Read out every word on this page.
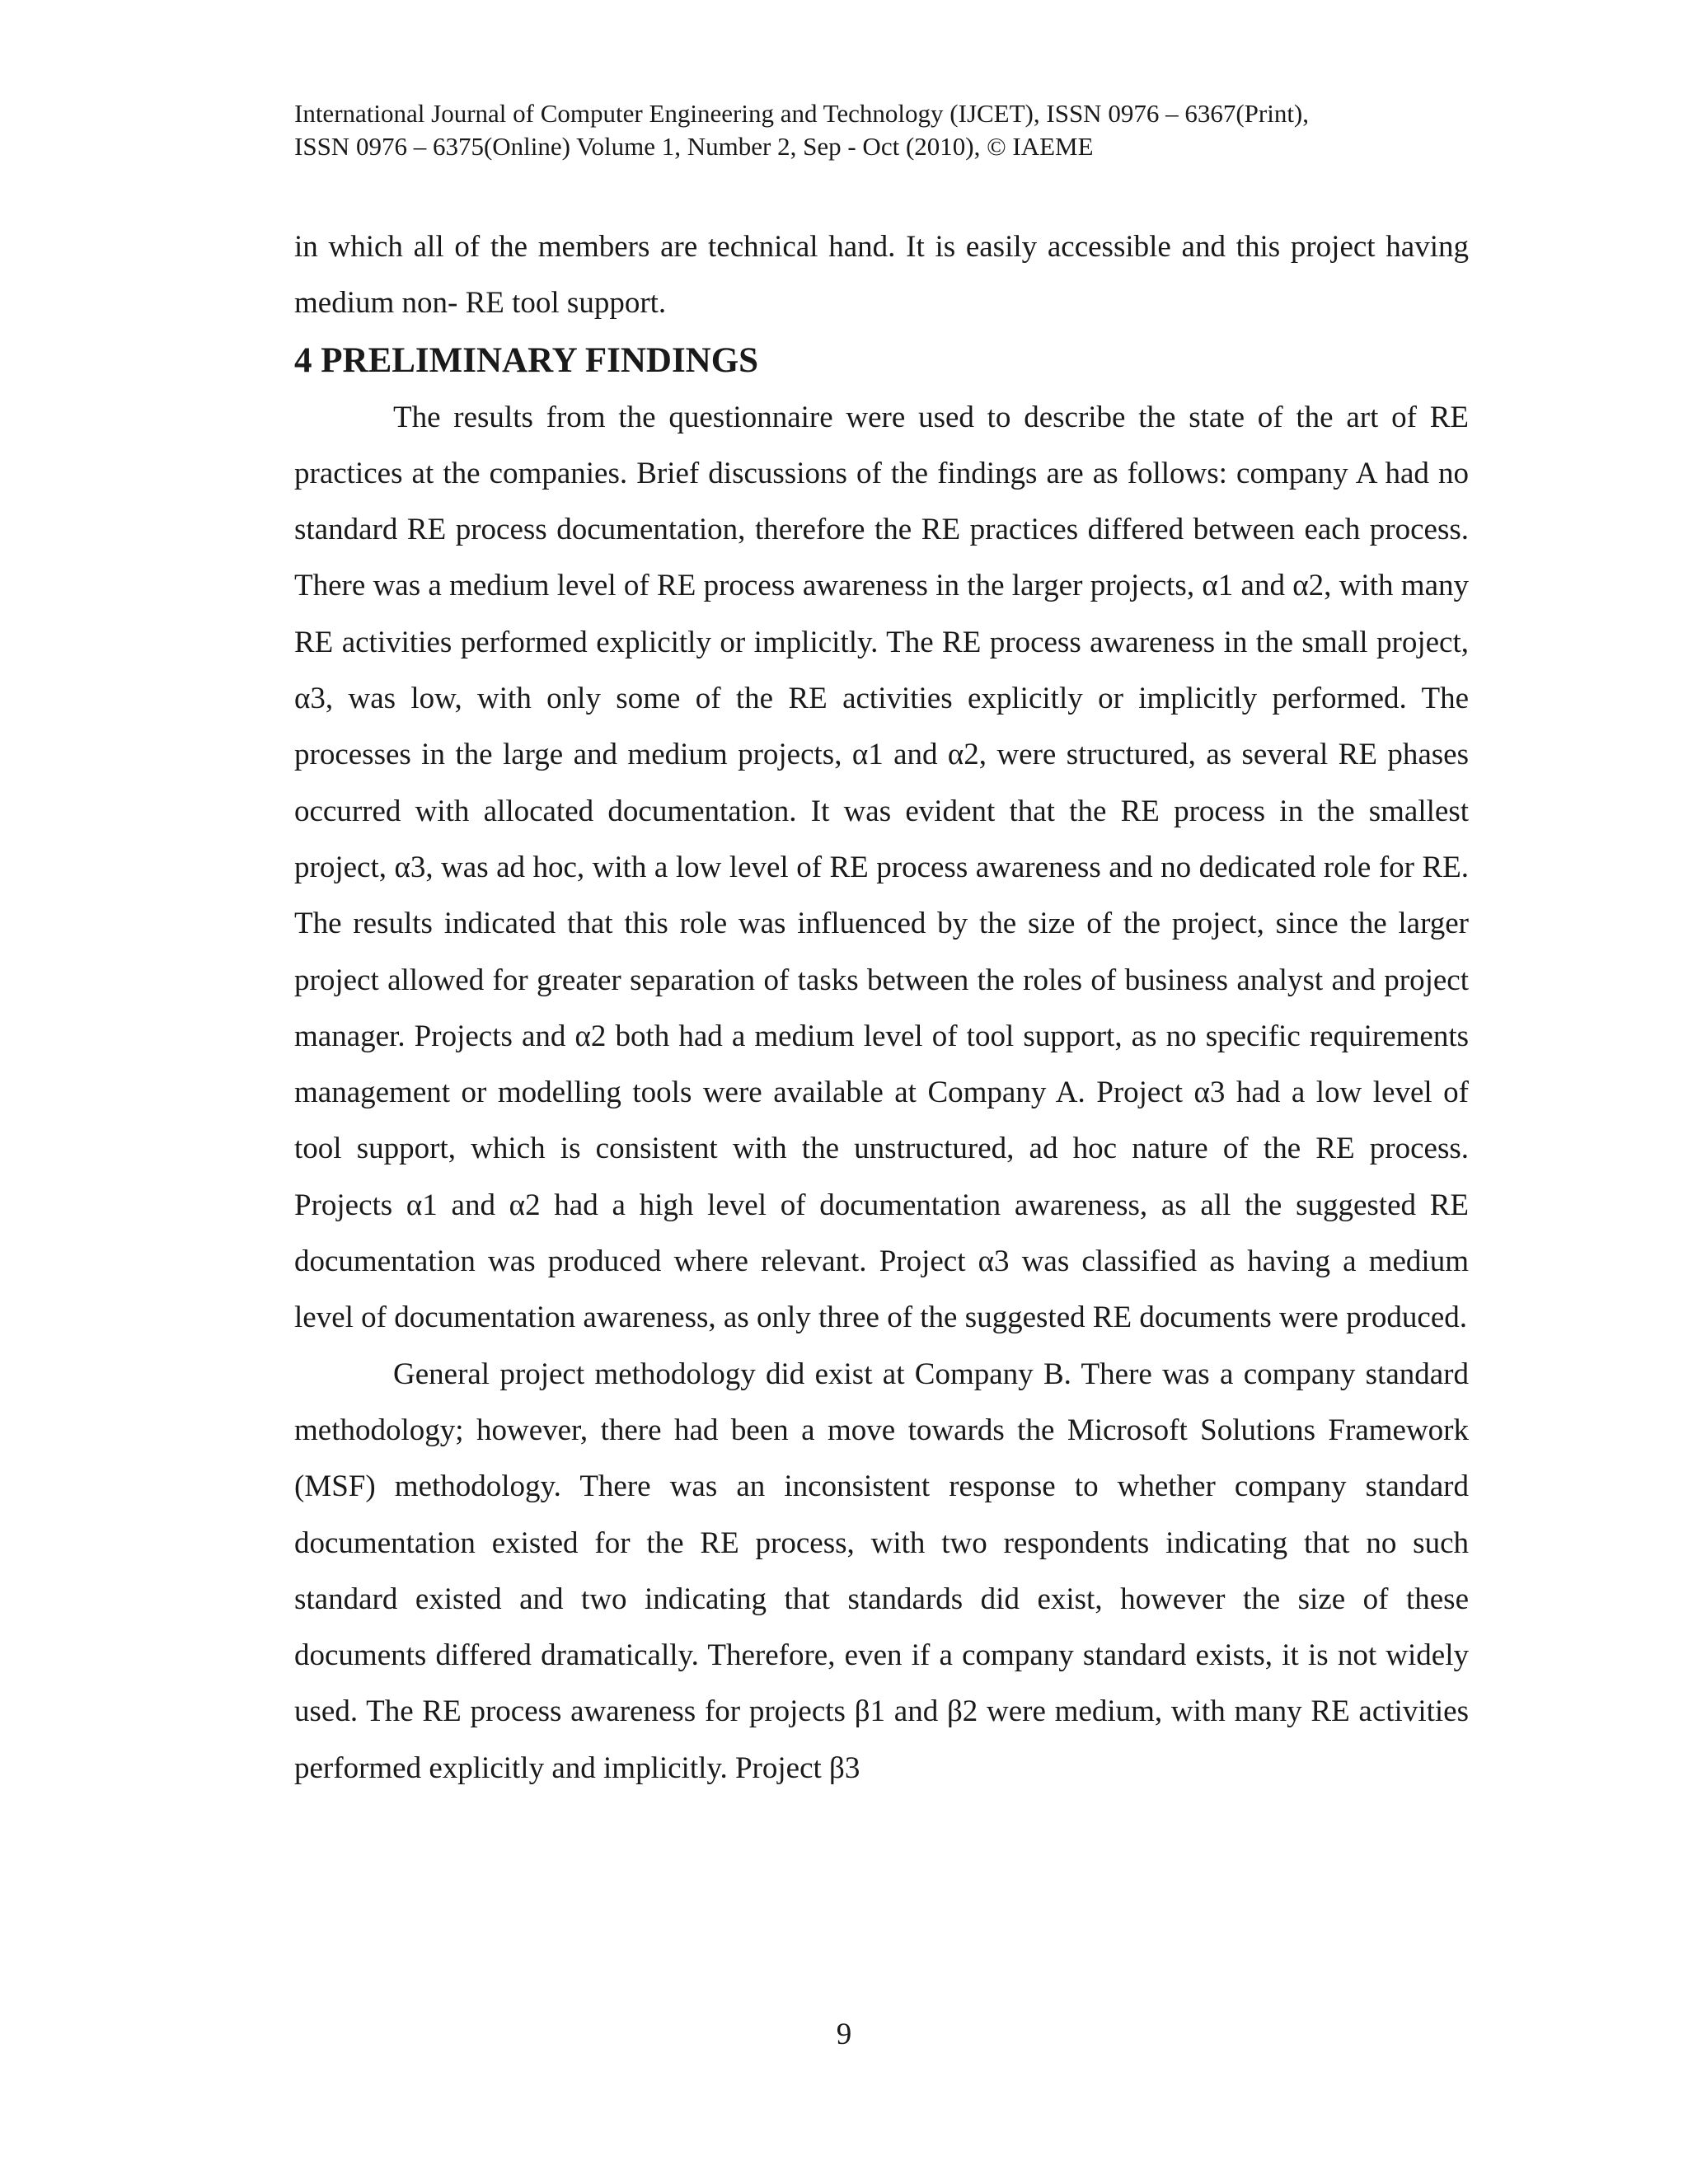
International Journal of Computer Engineering and Technology (IJCET), ISSN 0976 – 6367(Print),
ISSN 0976 – 6375(Online) Volume 1, Number 2, Sep - Oct (2010), © IAEME

in which all of the members are technical hand. It is easily accessible and this project having medium non- RE tool support.

4 PRELIMINARY FINDINGS

The results from the questionnaire were used to describe the state of the art of RE practices at the companies. Brief discussions of the findings are as follows: company A had no standard RE process documentation, therefore the RE practices differed between each process. There was a medium level of RE process awareness in the larger projects, α1 and α2, with many RE activities performed explicitly or implicitly. The RE process awareness in the small project, α3, was low, with only some of the RE activities explicitly or implicitly performed. The processes in the large and medium projects, α1 and α2, were structured, as several RE phases occurred with allocated documentation. It was evident that the RE process in the smallest project, α3, was ad hoc, with a low level of RE process awareness and no dedicated role for RE. The results indicated that this role was influenced by the size of the project, since the larger project allowed for greater separation of tasks between the roles of business analyst and project manager. Projects and α2 both had a medium level of tool support, as no specific requirements management or modelling tools were available at Company A. Project α3 had a low level of tool support, which is consistent with the unstructured, ad hoc nature of the RE process. Projects α1 and α2 had a high level of documentation awareness, as all the suggested RE documentation was produced where relevant. Project α3 was classified as having a medium level of documentation awareness, as only three of the suggested RE documents were produced.

General project methodology did exist at Company B. There was a company standard methodology; however, there had been a move towards the Microsoft Solutions Framework (MSF) methodology. There was an inconsistent response to whether company standard documentation existed for the RE process, with two respondents indicating that no such standard existed and two indicating that standards did exist, however the size of these documents differed dramatically. Therefore, even if a company standard exists, it is not widely used. The RE process awareness for projects β1 and β2 were medium, with many RE activities performed explicitly and implicitly. Project β3

9
